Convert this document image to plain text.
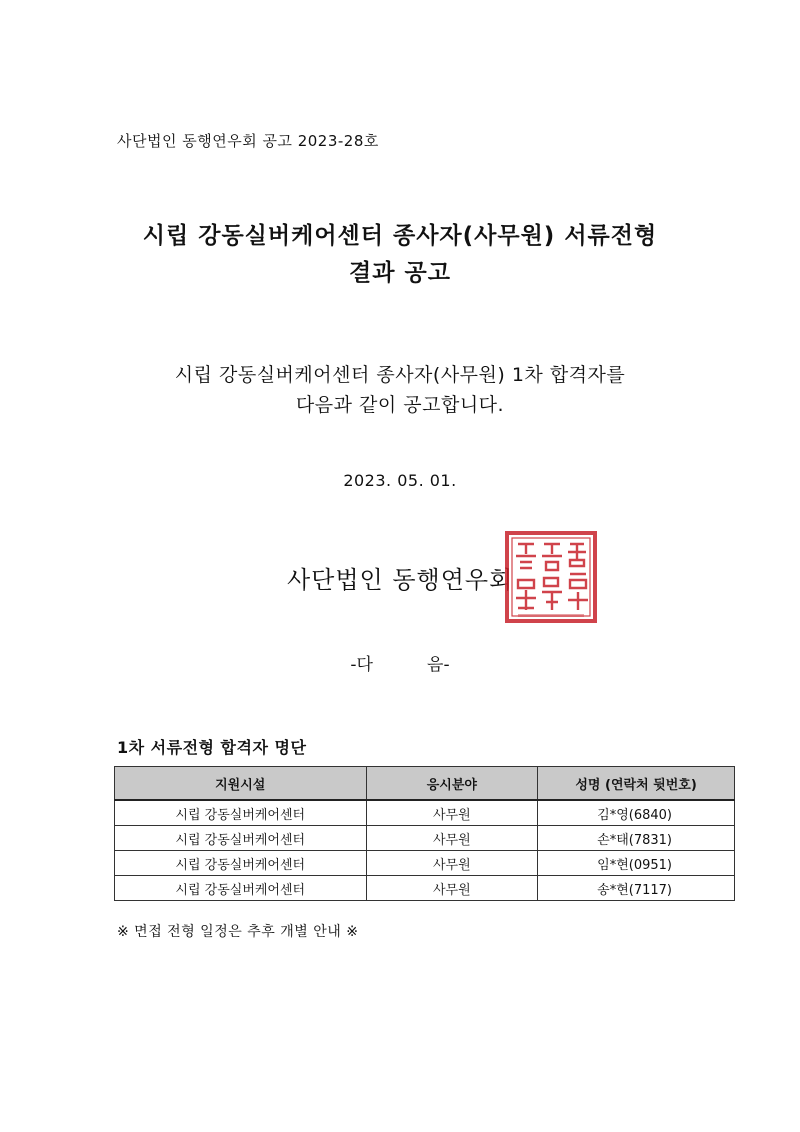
사단법인 동행연우회 공고 2023-28호
시립 강동실버케어센터 종사자(사무원) 서류전형
결과 공고
시립 강동실버케어센터 종사자(사무원) 1차 합격자를
다음과 같이 공고합니다.
2023. 05. 01.
사단법인 동행연우회
-다          음-
1차 서류전형 합격자 명단
지원시설	응시분야	성명 (연락처 뒷번호)
시립 강동실버케어센터	사무원	김*영(6840)
시립 강동실버케어센터	사무원	손*태(7831)
시립 강동실버케어센터	사무원	임*현(0951)
시립 강동실버케어센터	사무원	송*현(7117)
※ 면접 전형 일정은 추후 개별 안내 ※
